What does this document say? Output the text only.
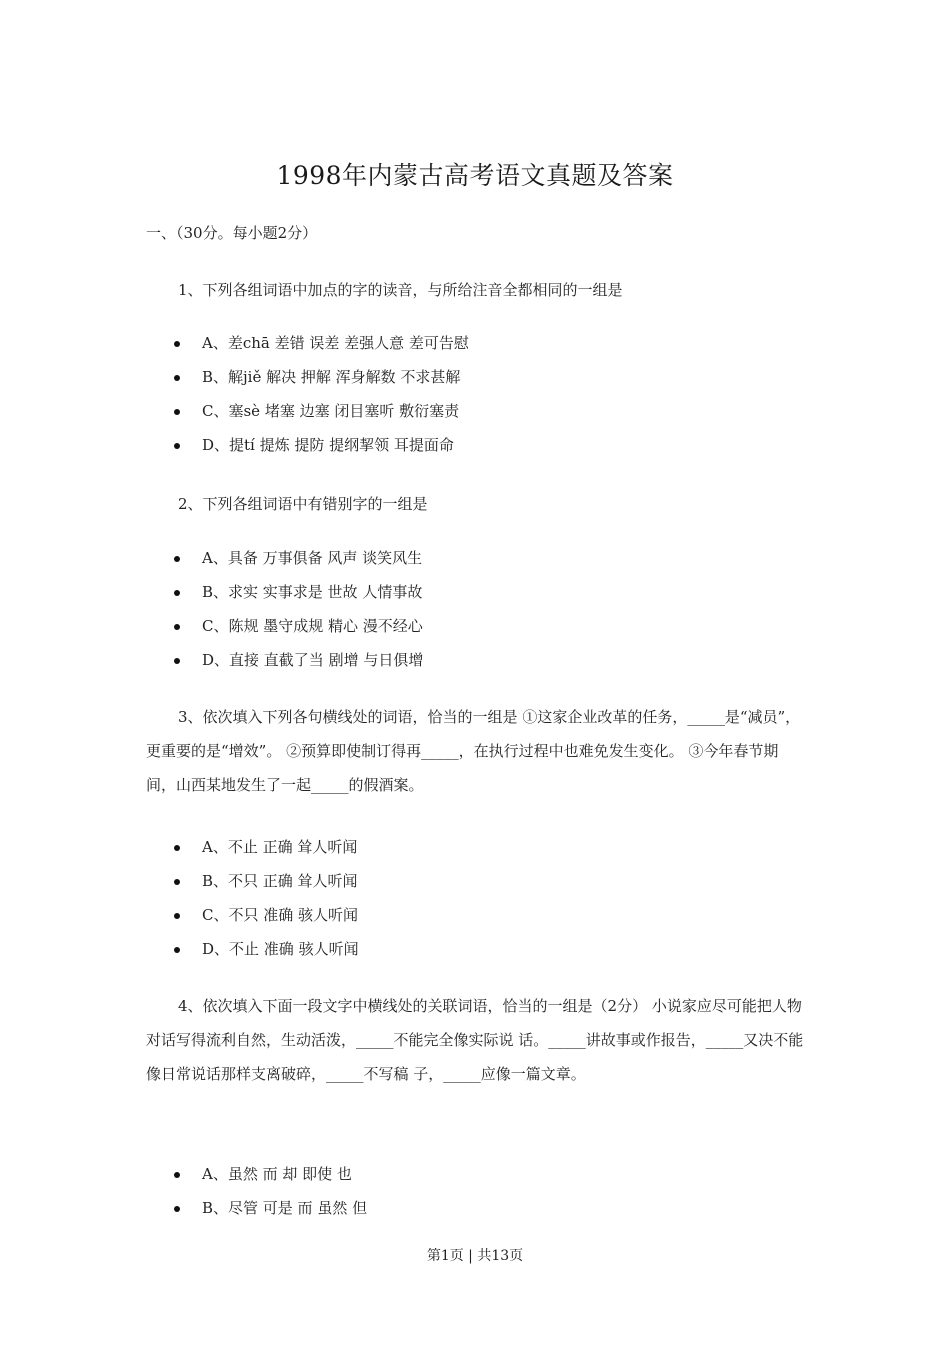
1998年内蒙古高考语文真题及答案
一、（30分。每小题2分）
1、下列各组词语中加点的字的读音，与所给注音全都相同的一组是
A、差chā 差错 误差 差强人意 差可告慰
B、解jiě 解决 押解 浑身解数 不求甚解
C、塞sè 堵塞 边塞 闭目塞听 敷衍塞责
D、提tí 提炼 提防 提纲挈领 耳提面命
2、下列各组词语中有错别字的一组是
A、具备 万事俱备 风声 谈笑风生
B、求实 实事求是 世故 人情事故
C、陈规 墨守成规 精心 漫不经心
D、直接 直截了当 剧增 与日俱增
3、依次填入下列各句横线处的词语，恰当的一组是 ①这家企业改革的任务，_____是“减员”，更重要的是“增效”。 ②预算即使制订得再_____，在执行过程中也难免发生变化。 ③今年春节期间，山西某地发生了一起_____的假酒案。
A、不止 正确 耸人听闻
B、不只 正确 耸人听闻
C、不只 准确 骇人听闻
D、不止 准确 骇人听闻
4、依次填入下面一段文字中横线处的关联词语，恰当的一组是（2分） 小说家应尽可能把人物对话写得流利自然，生动活泼，_____不能完全像实际说 话。_____讲故事或作报告，_____又决不能像日常说话那样支离破碎，_____不写稿 子，_____应像一篇文章。
A、虽然 而 却 即使 也
B、尽管 可是 而 虽然 但
第1页 | 共13页
